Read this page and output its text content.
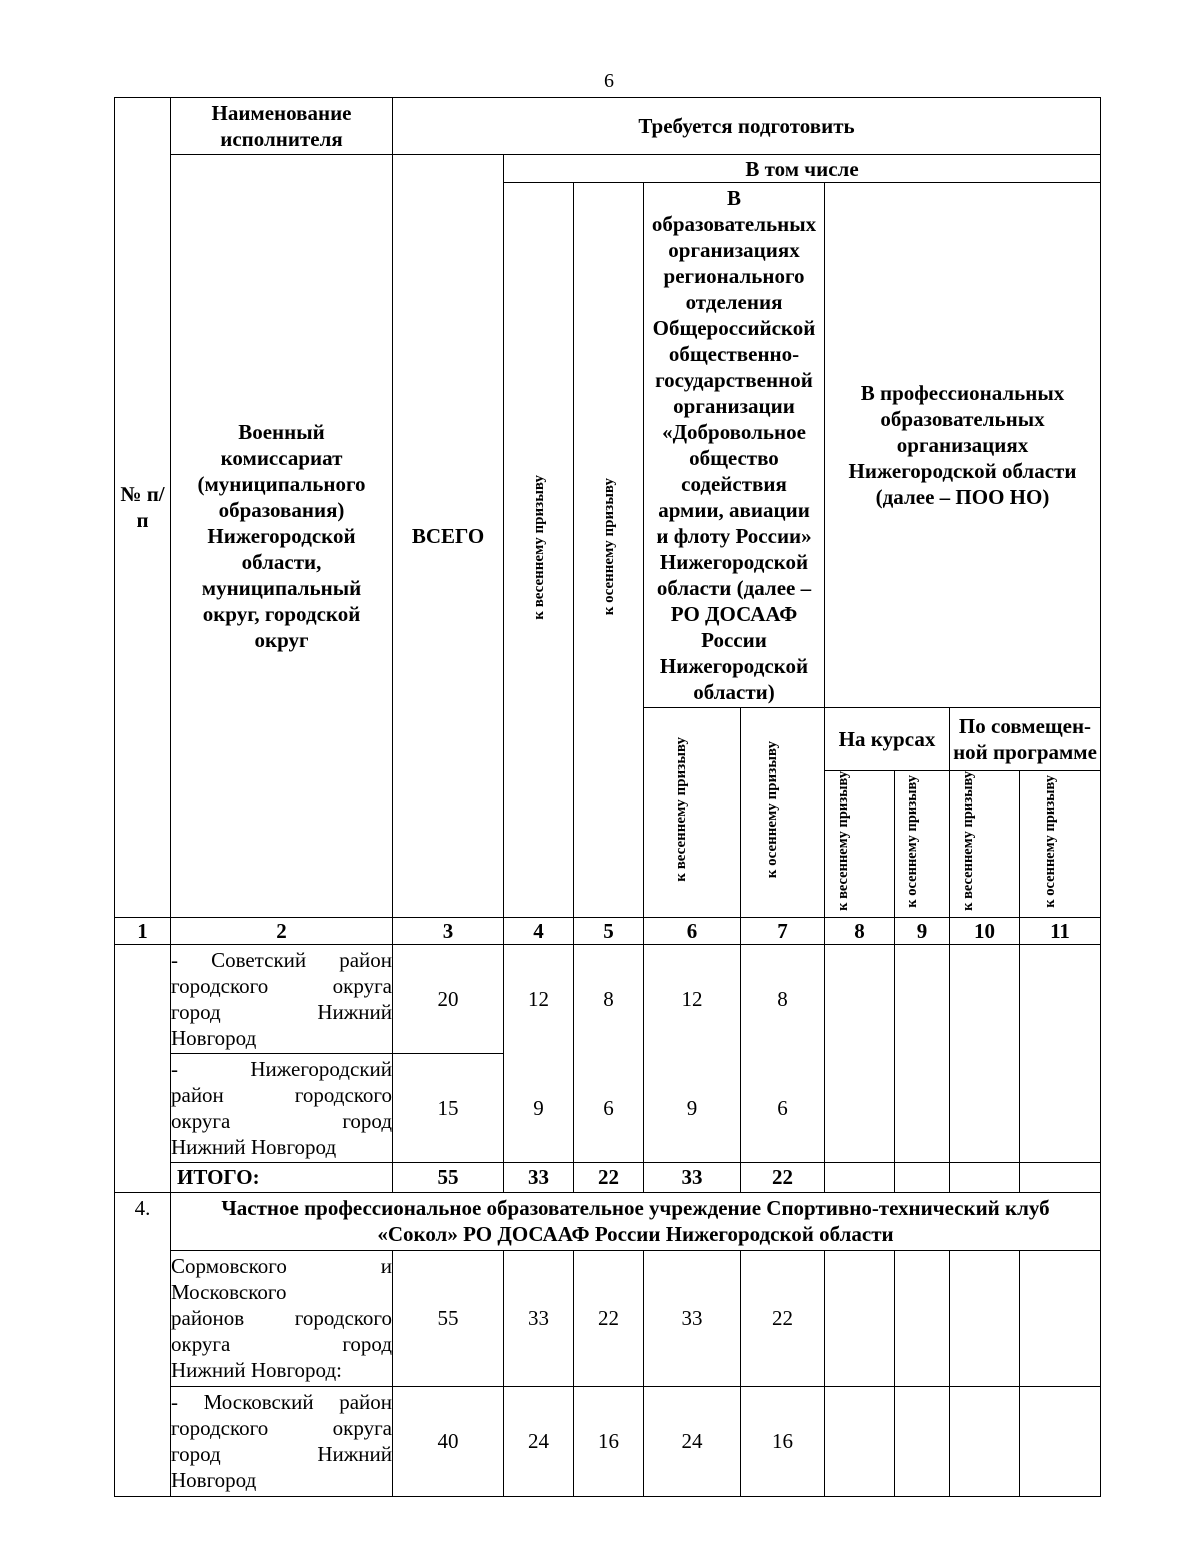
6
№ п/п	Наименование исполнителя	Требуется подготовить								
	Военный комиссариат (муниципального образования) Нижегородской области, муниципальный округ, городской округ	ВСЕГО	В том числе							
			к весеннему призыву	к осеннему призыву	В образовательных организациях регионального отделения Общероссийской общественно-государственной организации «Добровольное общество содействия армии, авиации и флоту России» Нижегородской области (далее – РО ДОСААФ России Нижегородской области)		В профессиональных образовательных организациях Нижегородской области (далее – ПОО НО)			
					к весеннему призыву	к осеннему призыву	На курсах		По совмещен-ной программе	
							к весеннему призыву	к осеннему призыву	к весеннему призыву	к осеннему призыву
1	2	3	4	5	6	7	8	9	10	11

	- Советский район
городского округа
город Нижний
Новгород	20	12	8	12	8				

	- Нижегородский
район городского
округа город
Нижний Новгород	15	9	6	9	6				
	ИТОГО:	55	33	22	33	22				
4.	Частное профессиональное образовательное учреждение Спортивно-технический клуб «Сокол» РО ДОСААФ России Нижегородской области									

	Сормовского и
Московского
районов городского
округа город
Нижний Новгород:	55	33	22	33	22				

	- Московский район
городского округа
город Нижний
Новгород	40	24	16	24	16				
